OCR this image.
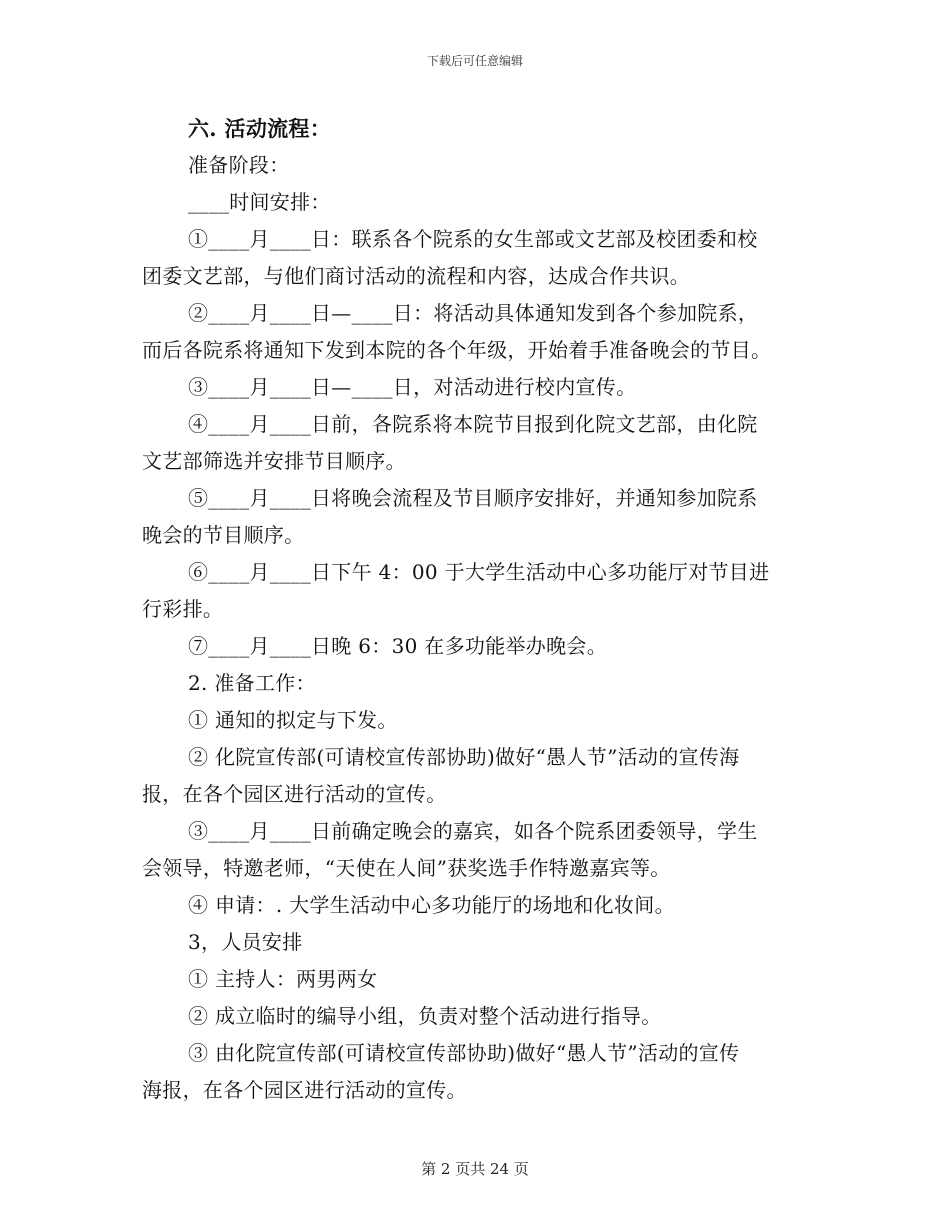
下载后可任意编辑
六. 活动流程：
准备阶段：
____时间安排：
①____月____日：联系各个院系的女生部或文艺部及校团委和校
团委文艺部，与他们商讨活动的流程和内容，达成合作共识。
②____月____日—____日：将活动具体通知发到各个参加院系，
而后各院系将通知下发到本院的各个年级，开始着手准备晚会的节目。
③____月____日—____日，对活动进行校内宣传。
④____月____日前，各院系将本院节目报到化院文艺部，由化院
文艺部筛选并安排节目顺序。
⑤____月____日将晚会流程及节目顺序安排好，并通知参加院系
晚会的节目顺序。
⑥____月____日下午 4：00 于大学生活动中心多功能厅对节目进
行彩排。
⑦____月____日晚 6：30 在多功能举办晚会。
2. 准备工作：
① 通知的拟定与下发。
② 化院宣传部(可请校宣传部协助)做好“愚人节”活动的宣传海
报，在各个园区进行活动的宣传。
③____月____日前确定晚会的嘉宾，如各个院系团委领导，学生
会领导，特邀老师，“天使在人间”获奖选手作特邀嘉宾等。
④ 申请：. 大学生活动中心多功能厅的场地和化妆间。
3，人员安排
① 主持人：两男两女
② 成立临时的编导小组，负责对整个活动进行指导。
③ 由化院宣传部(可请校宣传部协助)做好“愚人节”活动的宣传
海报，在各个园区进行活动的宣传。
第 2 页共 24 页
